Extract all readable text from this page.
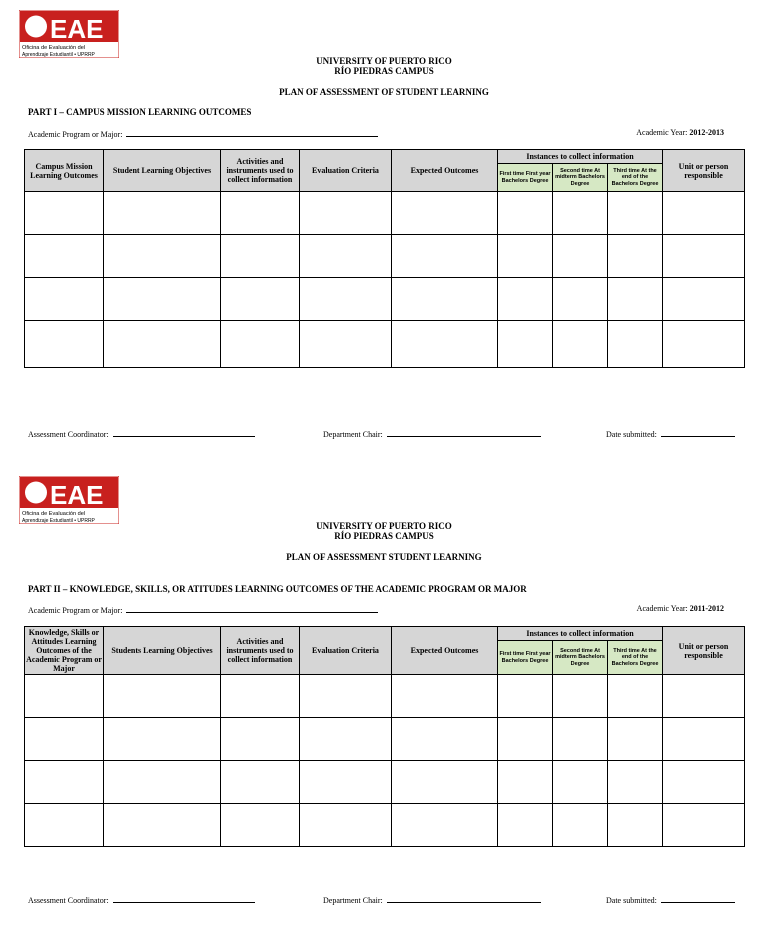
EAE
Oficina de Evaluación del
Aprendizaje Estudiantil • UPRRP
UNIVERSITY OF PUERTO RICO
RÍO PIEDRAS CAMPUS
PLAN OF ASSESSMENT OF STUDENT LEARNING
PART I – CAMPUS MISSION LEARNING OUTCOMES
Academic Program or Major:	Academic Year: 2012-2013
Campus Mission Learning Outcomes	Student Learning Objectives	Activities and instruments used to collect information	Evaluation Criteria	Expected Outcomes	Instances to collect information			Unit or person responsible
					First time First year Bachelors Degree	Second time At midterm Bachelors Degree	Third time At the end of the Bachelors Degree	

Assessment Coordinator:	Department Chair:	Date submitted:
EAE
Oficina de Evaluación del
Aprendizaje Estudiantil • UPRRP	UNIVERSITY OF PUERTO RICO
RÍO PIEDRAS CAMPUS
PLAN OF ASSESSMENT STUDENT LEARNING
PART II – KNOWLEDGE, SKILLS, OR ATITUDES LEARNING OUTCOMES OF THE ACADEMIC PROGRAM OR MAJOR
Academic Program or Major:	Academic Year: 2011-2012
Knowledge, Skills or Attitudes Learning Outcomes of the Academic Program or Major	Students Learning Objectives	Activities and instruments used to collect information	Evaluation Criteria	Expected Outcomes	Instances to collect information			Unit or person responsible
					First time First year Bachelors Degree	Second time At midterm Bachelors Degree	Third time At the end of the Bachelors Degree	

Assessment Coordinator:	Department Chair:	Date submitted:
